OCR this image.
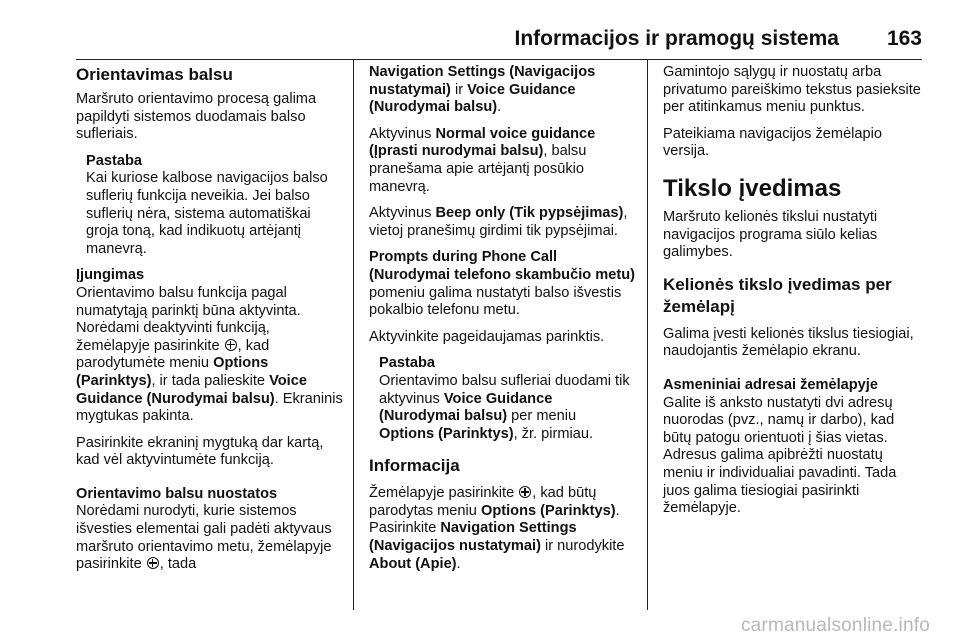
Informacijos ir pramogų sistema 163
Orientavimas balsu

Maršruto orientavimo procesą galima papildyti sistemos duodamais balso sufleriais.

Pastaba
Kai kuriose kalbose navigacijos balso suflerių funkcija neveikia. Jei balso suflerių nėra, sistema automatiškai groja toną, kad indikuotų artėjantį manevrą.
Įjungimas

Orientavimo balsu funkcija pagal numatytąją parinktį būna aktyvinta. Norėdami deaktyvinti funkciją, žemėlapyje pasirinkite , kad parodytumėte meniu Options (Parinktys), ir tada palieskite Voice Guidance (Nurodymai balsu). Ekraninis mygtukas pakinta.

Pasirinkite ekraninį mygtuką dar kartą, kad vėl aktyvintumėte funkciją.

Orientavimo balsu nuostatos

Norėdami nurodyti, kurie sistemos išvesties elementai gali padėti aktyvaus maršruto orientavimo metu, žemėlapyje pasirinkite , tada

Navigation Settings (Navigacijos nustatymai) ir Voice Guidance (Nurodymai balsu).

Aktyvinus Normal voice guidance (Įprasti nurodymai balsu), balsu pranešama apie artėjantį posūkio manevrą.

Aktyvinus Beep only (Tik pypsėjimas), vietoj pranešimų girdimi tik pypsėjimai.

Prompts during Phone Call (Nurodymai telefono skambučio metu) pomeniu galima nustatyti balso išvestis pokalbio telefonu metu.

Aktyvinkite pageidaujamas parinktis.

Pastaba
Orientavimo balsu sufleriai duodami tik aktyvinus Voice Guidance (Nurodymai balsu) per meniu Options (Parinktys), žr. pirmiau.
Informacija

Žemėlapyje pasirinkite , kad būtų parodytas meniu Options (Parinktys). Pasirinkite Navigation Settings (Navigacijos nustatymai) ir nurodykite About (Apie).

Gamintojo sąlygų ir nuostatų arba privatumo pareiškimo tekstus pasieksite per atitinkamus meniu punktus.

Pateikiama navigacijos žemėlapio versija.

Tikslo įvedimas

Maršruto kelionės tikslui nustatyti navigacijos programa siūlo kelias galimybes.

Kelionės tikslo įvedimas per žemėlapį

Galima įvesti kelionės tikslus tiesiogiai, naudojantis žemėlapio ekranu.

Asmeniniai adresai žemėlapyje

Galite iš anksto nustatyti dvi adresų nuorodas (pvz., namų ir darbo), kad būtų patogu orientuoti į šias vietas. Adresus galima apibrėžti nuostatų meniu ir individualiai pavadinti. Tada juos galima tiesiogiai pasirinkti žemėlapyje.

carmanualsonline.info
